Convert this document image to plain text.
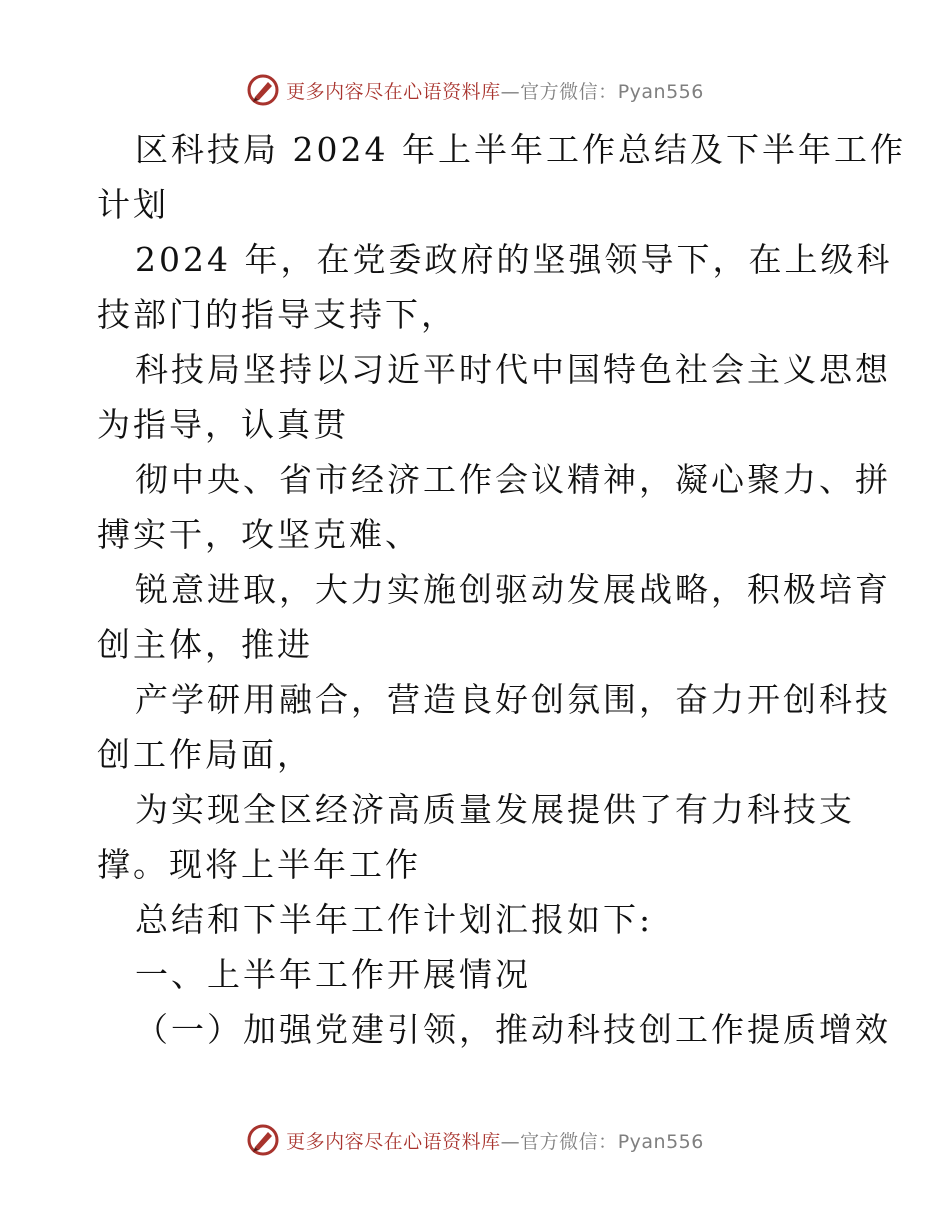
更多内容尽在心语资料库—官方微信：Pyan556
区科技局 2024 年上半年工作总结及下半年工作
计划
2024 年，在党委政府的坚强领导下，在上级科
技部门的指导支持下，
科技局坚持以习近平时代中国特色社会主义思想
为指导，认真贯
彻中央、省市经济工作会议精神，凝心聚力、拼
搏实干，攻坚克难、
锐意进取，大力实施创驱动发展战略，积极培育
创主体，推进
产学研用融合，营造良好创氛围，奋力开创科技
创工作局面，
为实现全区经济高质量发展提供了有力科技支
撑。现将上半年工作
总结和下半年工作计划汇报如下:
一、上半年工作开展情况
（一）加强党建引领，推动科技创工作提质增效
更多内容尽在心语资料库—官方微信：Pyan556
